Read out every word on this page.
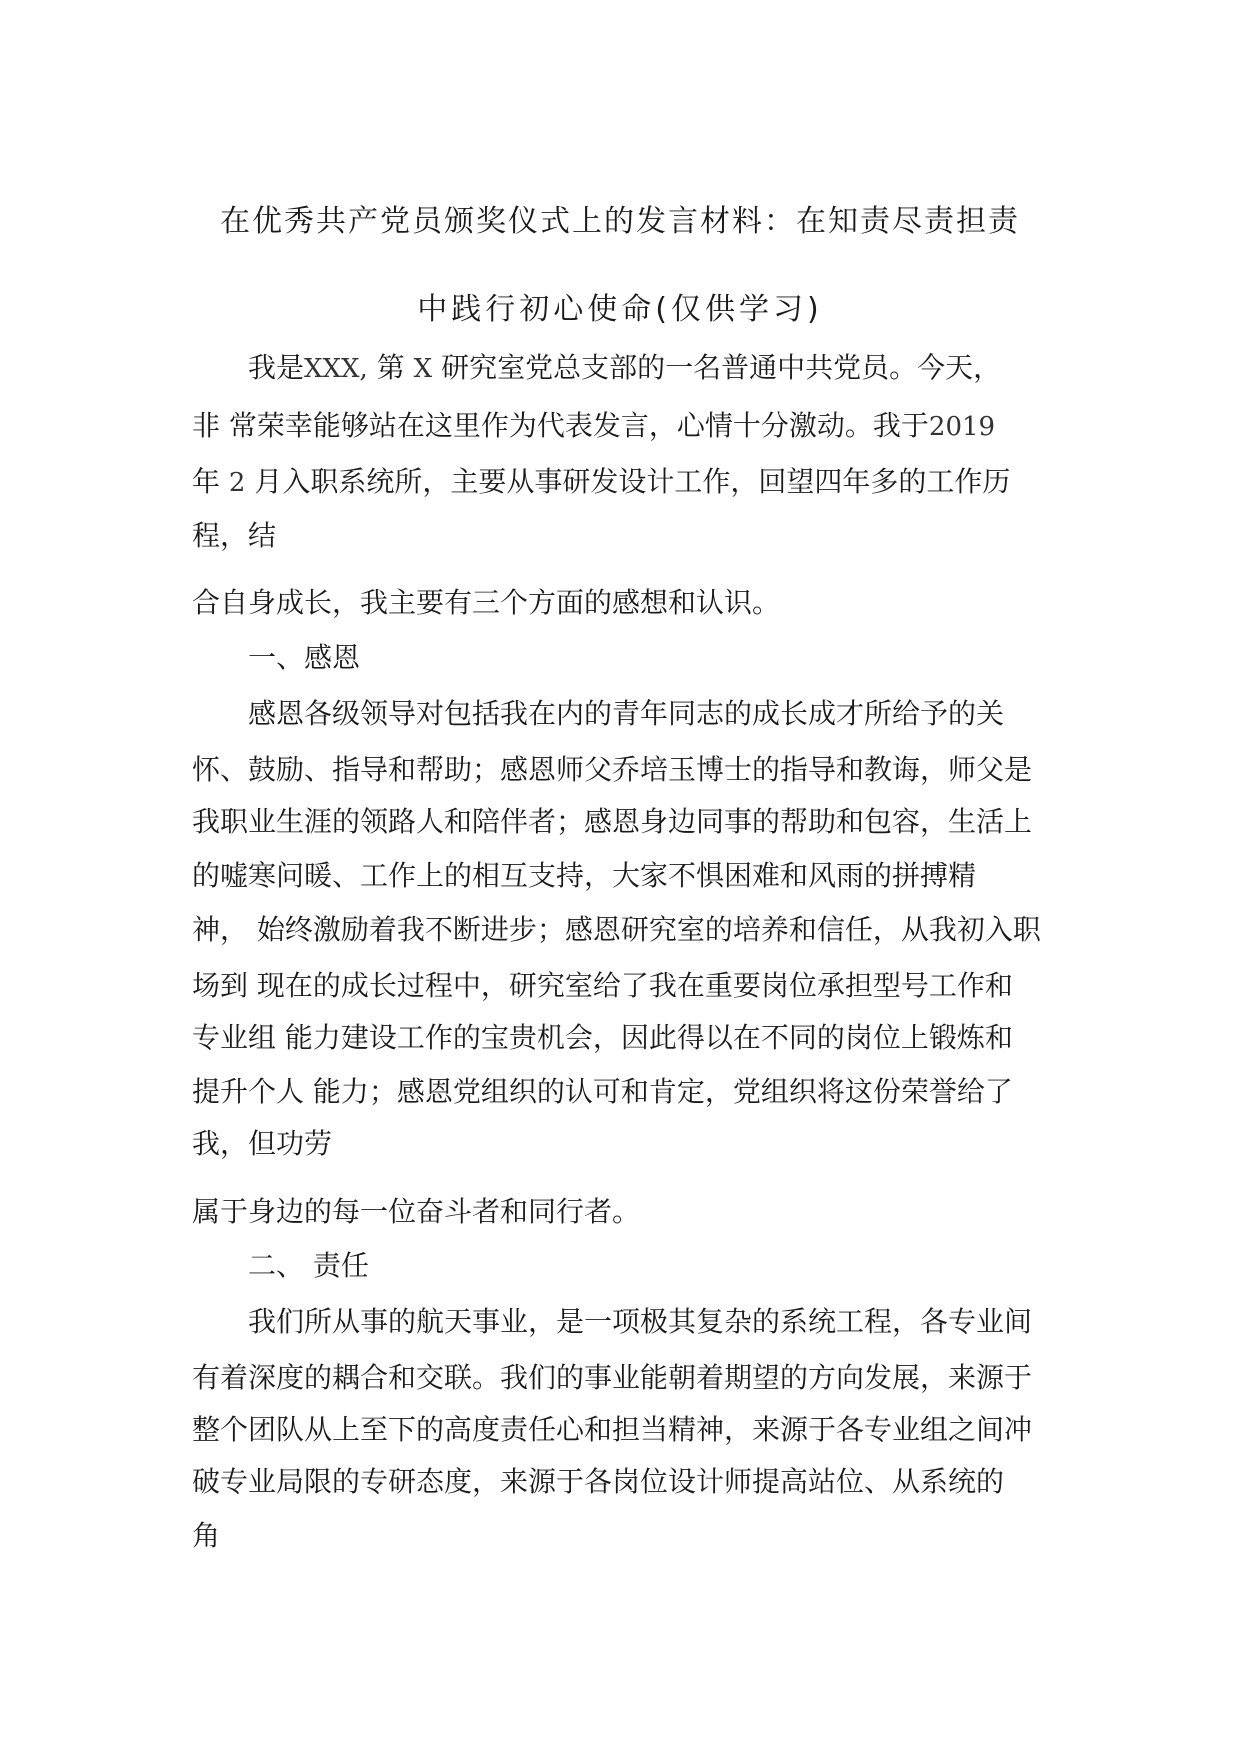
在优秀共产党员颁奖仪式上的发言材料：在知责尽责担责
中践行初心使命(仅供学习)
我是XXX, 第 X 研究室党总支部的一名普通中共党员。今天，
非 常荣幸能够站在这里作为代表发言，心情十分激动。我于2019
年 2 月入职系统所，主要从事研发设计工作，回望四年多的工作历
程，结
合自身成长，我主要有三个方面的感想和认识。
一、感恩
感恩各级领导对包括我在内的青年同志的成长成才所给予的关
怀、鼓励、指导和帮助；感恩师父乔培玉博士的指导和教诲，师父是
我职业生涯的领路人和陪伴者；感恩身边同事的帮助和包容，生活上
的嘘寒问暖、工作上的相互支持，大家不惧困难和风雨的拼搏精
神， 始终激励着我不断进步；感恩研究室的培养和信任，从我初入职
场到 现在的成长过程中，研究室给了我在重要岗位承担型号工作和
专业组 能力建设工作的宝贵机会，因此得以在不同的岗位上锻炼和
提升个人 能力；感恩党组织的认可和肯定，党组织将这份荣誉给了
我，但功劳
属于身边的每一位奋斗者和同行者。
二、 责任
我们所从事的航天事业，是一项极其复杂的系统工程，各专业间
有着深度的耦合和交联。我们的事业能朝着期望的方向发展，来源于
整个团队从上至下的高度责任心和担当精神，来源于各专业组之间冲
破专业局限的专研态度，来源于各岗位设计师提高站位、从系统的
角
